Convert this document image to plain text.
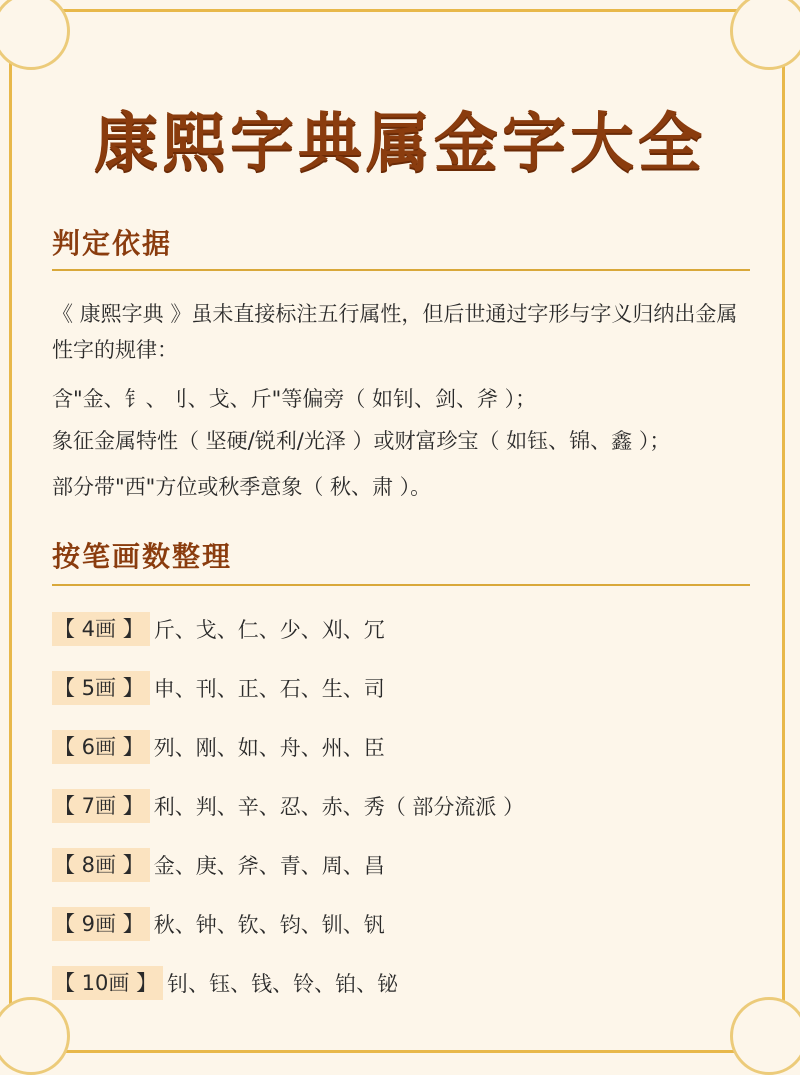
康熙字典属金字大全
判定依据
《 康熙字典 》虽未直接标注五行属性，但后世通过字形与字义归纳出金属性字的规律：
含"金、钅、刂、戈、斤"等偏旁（ 如钊、剑、斧 ）；
象征金属特性（ 坚硬/锐利/光泽 ）或财富珍宝（ 如钰、锦、鑫 ）；
部分带"西"方位或秋季意象（ 秋、肃 ）。
按笔画数整理
【 4画 】 斤、戈、仁、少、刈、冗
【 5画 】 申、刊、正、石、生、司
【 6画 】 列、刚、如、舟、州、臣
【 7画 】 利、判、辛、忍、赤、秀（ 部分流派 ）
【 8画 】 金、庚、斧、青、周、昌
【 9画 】 秋、钟、钦、钧、钏、钒
【 10画 】 钊、钰、钱、铃、铂、铋
